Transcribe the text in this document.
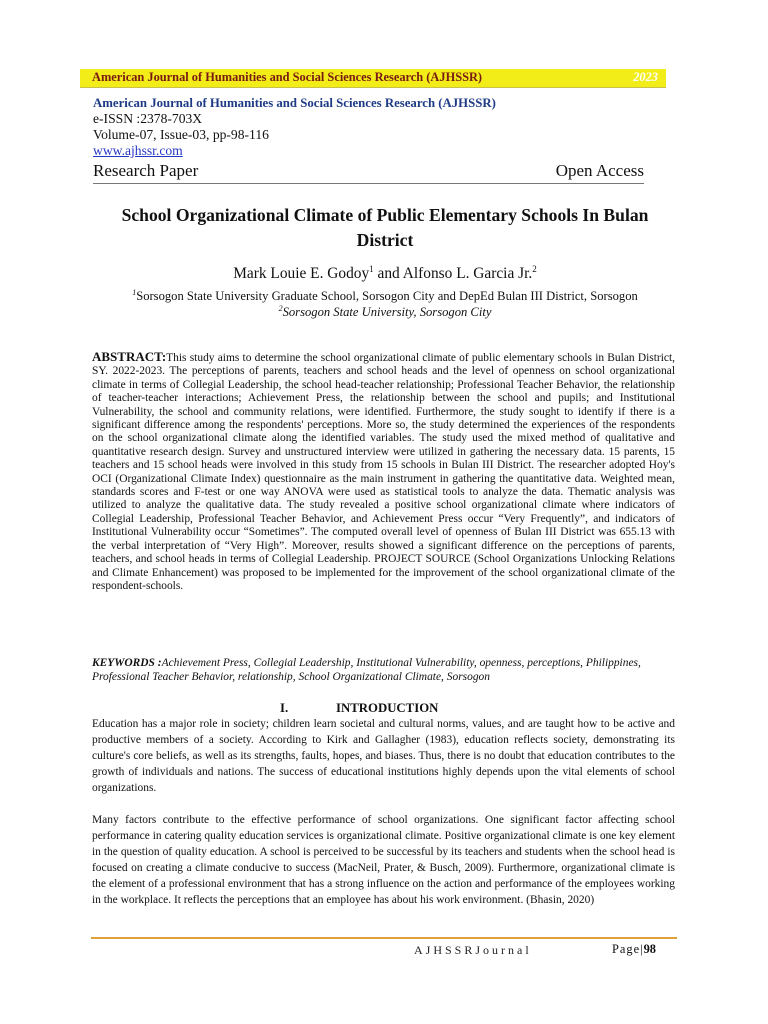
American Journal of Humanities and Social Sciences Research (AJHSSR)	2023
American Journal of Humanities and Social Sciences Research (AJHSSR)
e-ISSN :2378-703X
Volume-07, Issue-03, pp-98-116
www.ajhssr.com
Research Paper	Open Access
School Organizational Climate of Public Elementary Schools In Bulan District
Mark Louie E. Godoy$^1$ and Alfonso L. Garcia Jr.$^2$
$^1$Sorsogon State University Graduate School, Sorsogon City and DepEd Bulan III District, Sorsogon
$^2$Sorsogon State University, Sorsogon City
ABSTRACT:This study aims to determine the school organizational climate of public elementary schools in Bulan District, SY. 2022-2023. The perceptions of parents, teachers and school heads and the level of openness on school organizational climate in terms of Collegial Leadership, the school head-teacher relationship; Professional Teacher Behavior, the relationship of teacher-teacher interactions; Achievement Press, the relationship between the school and pupils; and Institutional Vulnerability, the school and community relations, were identified. Furthermore, the study sought to identify if there is a significant difference among the respondents' perceptions. More so, the study determined the experiences of the respondents on the school organizational climate along the identified variables. The study used the mixed method of qualitative and quantitative research design. Survey and unstructured interview were utilized in gathering the necessary data. 15 parents, 15 teachers and 15 school heads were involved in this study from 15 schools in Bulan III District. The researcher adopted Hoy's OCI (Organizational Climate Index) questionnaire as the main instrument in gathering the quantitative data. Weighted mean, standards scores and F-test or one way ANOVA were used as statistical tools to analyze the data. Thematic analysis was utilized to analyze the qualitative data. The study revealed a positive school organizational climate where indicators of Collegial Leadership, Professional Teacher Behavior, and Achievement Press occur “Very Frequently”, and indicators of Institutional Vulnerability occur “Sometimes”. The computed overall level of openness of Bulan III District was 655.13 with the verbal interpretation of “Very High”. Moreover, results showed a significant difference on the perceptions of parents, teachers, and school heads in terms of Collegial Leadership. PROJECT SOURCE (School Organizations Unlocking Relations and Climate Enhancement) was proposed to be implemented for the improvement of the school organizational climate of the respondent-schools.
KEYWORDS :Achievement Press, Collegial Leadership, Institutional Vulnerability, openness, perceptions, Philippines, Professional Teacher Behavior, relationship, School Organizational Climate, Sorsogon
I.	INTRODUCTION
Education has a major role in society; children learn societal and cultural norms, values, and are taught how to be active and productive members of a society. According to Kirk and Gallagher (1983), education reflects society, demonstrating its culture's core beliefs, as well as its strengths, faults, hopes, and biases. Thus, there is no doubt that education contributes to the growth of individuals and nations. The success of educational institutions highly depends upon the vital elements of school organizations.
Many factors contribute to the effective performance of school organizations. One significant factor affecting school performance in catering quality education services is organizational climate. Positive organizational climate is one key element in the question of quality education. A school is perceived to be successful by its teachers and students when the school head is focused on creating a climate conducive to success (MacNeil, Prater, & Busch, 2009). Furthermore, organizational climate is the element of a professional environment that has a strong influence on the action and performance of the employees working in the workplace. It reflects the perceptions that an employee has about his work environment. (Bhasin, 2020)
AJHSSRJournal	Page|98
